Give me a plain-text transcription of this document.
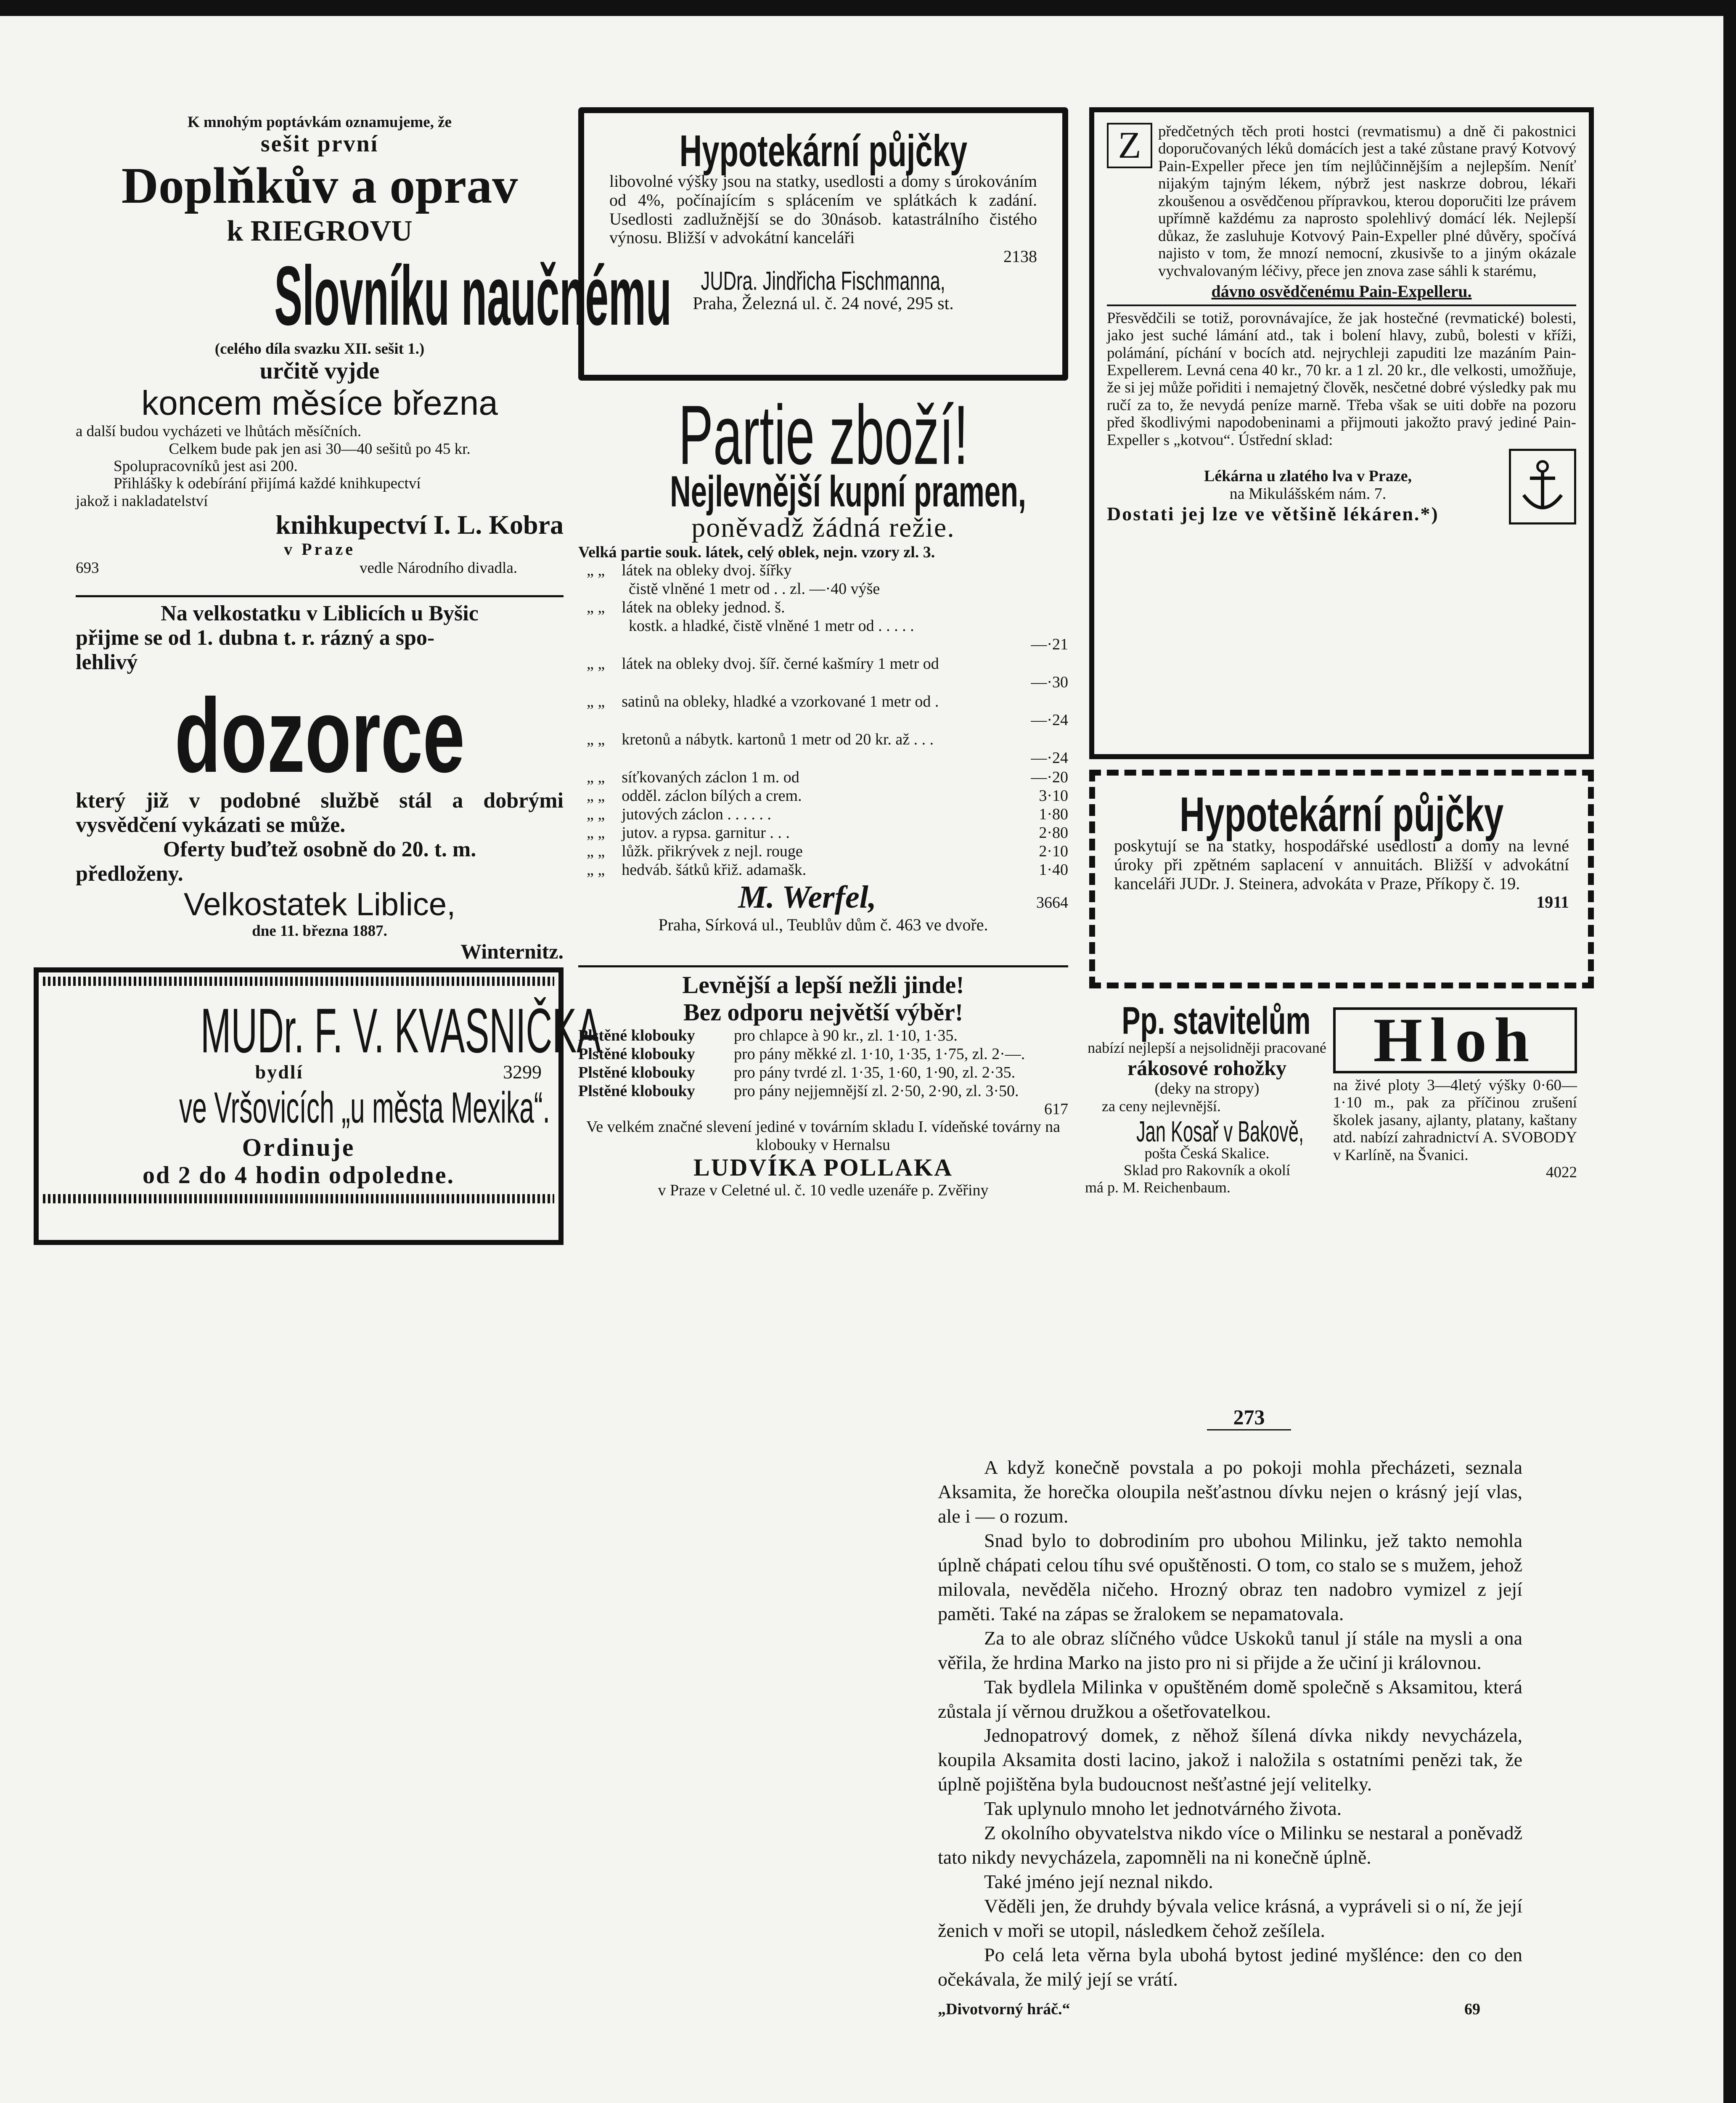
K mnohým poptávkám oznamujeme, že

sešit první

Doplňkův a oprav

k RIEGROVU

Slovníku naučnému

(celého díla svazku XII. sešit 1.)

určitě vyjde

koncem měsíce března

a další budou vycházeti ve lhůtách měsíčních.

Celkem bude pak jen asi 30—40 sešitů po 45 kr.

Spolupracovníků jest asi 200.

Přihlášky k odebírání přijímá každé knihkupectví

jakož i nakladatelství

knihkupectví I. L. Kobra

v Praze

693	vedle Národního divadla.

Na velkostatku v Liblicích u Byšic

přijme se od 1. dubna t. r. rázný a spo-

lehlivý

dozorce

který již v podobné službě stál a dobrými vysvědčení vykázati se může.

Oferty buďtež osobně do 20. t. m.

předloženy.

Velkostatek Liblice,

dne 11. března 1887.

Winternitz.

MUDr. F. V. KVASNIČKA
bydlí	3299
ve Vršovicích „u města Mexika“.

Ordinuje

od 2 do 4 hodin odpoledne.

Hypotekární půjčky

libovolné výšky jsou na statky, usedlosti a domy s úrokováním od 4%, počínajícím s splácením ve splátkách k zadání. Usedlosti zadlužnější se do 30násob. katastrálního čistého výnosu. Bližší v advokátní kanceláři

2138

JUDra. Jindřicha Fischmanna,

Praha, Železná ul. č. 24 nové, 295 st.

Partie zboží!
Nejlevnější kupní pramen,

poněvadž žádná režie.

Velká partie souk. látek, celý oblek, nejn. vzory zl. 3.

„ „	látek na obleky dvoj. šířky
čistě vlněné 1 metr od . . zl. —·40 výše
„ „	látek na obleky jednod. š.
kostk. a hladké, čistě vlněné 1 metr od . . . . .
—·21
„ „	látek na obleky dvoj. šíř. černé kašmíry 1 metr od
—·30
„ „	satinů na obleky, hladké a vzorkované 1 metr od .
—·24
„ „	kretonů a nábytk. kartonů 1 metr od 20 kr. až . . .
—·24
„ „	síťkovaných záclon 1 m. od	—·20
„ „	odděl. záclon bílých a crem.	3·10
„ „	jutových záclon . . . . . .	1·80
„ „	jutov. a rypsa. garnitur . . .	2·80
„ „	lůžk. přikrývek z nejl. rouge	2·10
„ „	hedváb. šátků křiž. adamašk.	1·40
M. Werfel,	3664

Praha, Sírková ul., Teublův dům č. 463 ve dvoře.

Levnější a lepší nežli jinde!

Bez odporu největší výběr!

Plstěné klobouky	pro chlapce à 90 kr., zl. 1·10, 1·35.
Plstěné klobouky	pro pány měkké zl. 1·10, 1·35, 1·75, zl. 2·—.
Plstěné klobouky	pro pány tvrdé zl. 1·35, 1·60, 1·90, zl. 2·35.
Plstěné klobouky	pro pány nejjemnější zl. 2·50, 2·90, zl. 3·50.

617

Ve velkém značné slevení jediné v továrním skladu I. vídeňské továrny na klobouky v Hernalsu

LUDVÍKA POLLAKA

v Praze v Celetné ul. č. 10 vedle uzenáře p. Zvěřiny

Z	předčetných těch proti hostci (revmatismu) a dně či pakostnici doporučovaných léků domácích jest a také zůstane pravý Kotvový Pain-Expeller přece jen tím nejlůčinnějším a nejlepším. Neníť nijakým tajným lékem, nýbrž jest naskrze dobrou, lékaři zkoušenou a osvědčenou přípravkou, kterou doporučiti lze právem upřímně každému za naprosto spolehlivý domácí lék. Nejlepší důkaz, že zasluhuje Kotvový Pain-Expeller plné důvěry, spočívá najisto v tom, že mnozí nemocní, zkusivše to a jiným okázale vychvalovaným léčivy, přece jen znova zase sáhli k starému,

dávno osvědčenému Pain-Expelleru.

Přesvědčili se totiž, porovnávajíce, že jak hostečné (revmatické) bolesti, jako jest suché lámání atd., tak i bolení hlavy, zubů, bolesti v kříži, polámání, píchání v bocích atd. nejrychleji zapuditi lze mazáním Pain-Expellerem. Levná cena 40 kr., 70 kr. a 1 zl. 20 kr., dle velkosti, umožňuje, že si jej může pořiditi i nemajetný člověk, nesčetné dobré výsledky pak mu ručí za to, že nevydá peníze marně. Třeba však se uiti dobře na pozoru před škodlivými napodobeninami a přijmouti jakožto pravý jediné Pain-Expeller s „kotvou“. Ústřední sklad:

Lékárna u zlatého lva v Praze,

na Mikulášském nám. 7.

Dostati jej lze ve většině lékáren.*)

Hypotekární půjčky

poskytují se na statky, hospodářské usedlosti a domy na levné úroky při zpětném saplacení v annuitách. Bližší v advokátní kanceláři JUDr. J. Steinera, advokáta v Praze, Příkopy č. 19.

1911

Pp. stavitelům

nabízí nejlepší a nejsolidněji pracované

rákosové rohožky

(deky na stropy)

za ceny nejlevnější.

Jan Kosař v Bakově,

pošta Česká Skalice.

Sklad pro Rakovník a okolí

má p. M. Reichenbaum.

Hloh

na živé ploty 3—4letý výšky 0·60—1·10 m., pak za příčinou zrušení školek jasany, ajlanty, platany, kaštany atd. nabízí zahradnictví A. SVOBODY v Karlíně, na Švanici.

4022

273

A když konečně povstala a po pokoji mohla přecházeti, seznala Aksamita, že horečka oloupila nešťastnou dívku nejen o krásný její vlas, ale i — o rozum.

Snad bylo to dobrodiním pro ubohou Milinku, jež takto nemohla úplně chápati celou tíhu své opuštěnosti. O tom, co stalo se s mužem, jehož milovala, nevěděla ničeho. Hrozný obraz ten nadobro vymizel z její paměti. Také na zápas se žralokem se nepamatovala.

Za to ale obraz slíčného vůdce Uskoků tanul jí stále na mysli a ona věřila, že hrdina Marko na jisto pro ni si přijde a že učiní ji královnou.

Tak bydlela Milinka v opuštěném domě společně s Aksamitou, která zůstala jí věrnou družkou a ošetřovatelkou.

Jednopatrový domek, z něhož šílená dívka nikdy nevycházela, koupila Aksamita dosti lacino, jakož i naložila s ostatními penězi tak, že úplně pojištěna byla budoucnost nešťastné její velitelky.

Tak uplynulo mnoho let jednotvárného života.

Z okolního obyvatelstva nikdo více o Milinku se nestaral a poněvadž tato nikdy nevycházela, zapomněli na ni konečně úplně.

Také jméno její neznal nikdo.

Věděli jen, že druhdy bývala velice krásná, a vypráveli si o ní, že její ženich v moři se utopil, následkem čehož zešílela.

Po celá leta věrna byla ubohá bytost jediné myšlénce: den co den očekávala, že milý její se vrátí.

„Divotvorný hráč.“	69
